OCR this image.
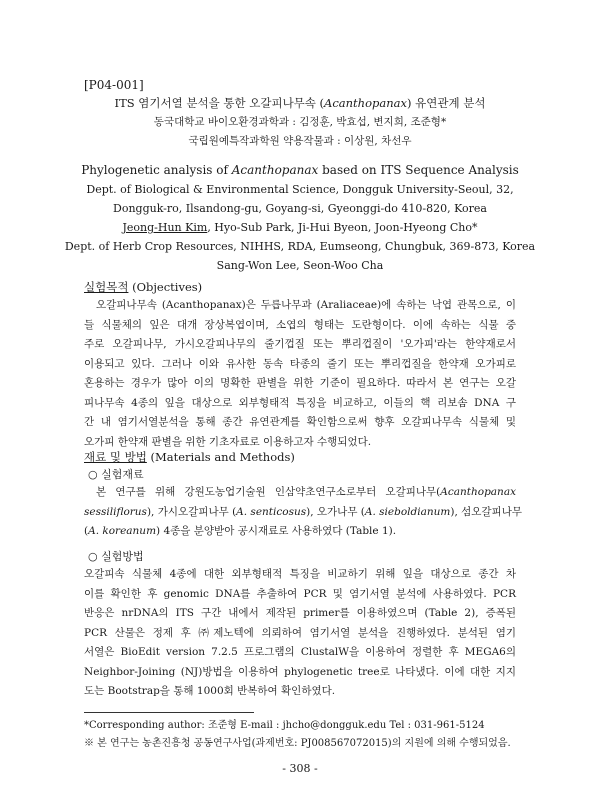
[P04-001]
ITS 염기서열 분석을 통한 오갈피나무속 (Acanthopanax) 유연관계 분석
동국대학교 바이오환경과학과 : 김정훈, 박효섭, 변지희, 조준형*
국립원예특작과학원 약용작물과 : 이상원, 차선우
Phylogenetic analysis of Acanthopanax based on ITS Sequence Analysis
Dept. of Biological & Environmental Science, Dongguk University-Seoul, 32,
Dongguk-ro, Ilsandong-gu, Goyang-si, Gyeonggi-do 410-820, Korea
Jeong-Hun Kim, Hyo-Sub Park, Ji-Hui Byeon, Joon-Hyeong Cho*
Dept. of Herb Crop Resources, NIHHS, RDA, Eumseong, Chungbuk, 369-873, Korea
Sang-Won Lee, Seon-Woo Cha
실험목적 (Objectives)
오갈피나무속 (Acanthopanax)은 두릅나무과 (Araliaceae)에 속하는 낙엽 관목으로, 이
들 식물체의 잎은 대개 장상복엽이며, 소엽의 형태는 도란형이다. 이에 속하는 식물 중
주로 오갈피나무, 가시오갈피나무의 줄기껍질 또는 뿌리껍질이 '오가피'라는 한약재로서
이용되고 있다. 그러나 이와 유사한 동속 타종의 줄기 또는 뿌리껍질을 한약재 오가피로
혼용하는 경우가 많아 이의 명확한 판별을 위한 기준이 필요하다. 따라서 본 연구는 오갈
피나무속 4종의 잎을 대상으로 외부형태적 특징을 비교하고, 이들의 핵 리보솜 DNA 구
간 내 염기서열분석을 통해 종간 유연관계를 확인함으로써 향후 오갈피나무속 식물체 및
오가피 한약재 판별을 위한 기초자료로 이용하고자 수행되었다.
재료 및 방법 (Materials and Methods)
○ 실험재료
본 연구를 위해 강원도농업기술원 인삼약초연구소로부터 오갈피나무(Acanthopanax
sessiliflorus), 가시오갈피나무 (A. senticosus), 오가나무 (A. sieboldianum), 섬오갈피나무
(A. koreanum) 4종을 분양받아 공시재료로 사용하였다 (Table 1).
○ 실험방법
오갈피속 식물체 4종에 대한 외부형태적 특징을 비교하기 위해 잎을 대상으로 종간 차
이를 확인한 후 genomic DNA를 추출하여 PCR 및 염기서열 분석에 사용하였다. PCR
반응은 nrDNA의 ITS 구간 내에서 제작된 primer를 이용하였으며 (Table 2), 증폭된
PCR 산물은 정제 후 ㈜제노텍에 의뢰하여 염기서열 분석을 진행하였다. 분석된 염기
서열은 BioEdit version 7.2.5 프로그램의 ClustalW을 이용하여 정렬한 후 MEGA6의
Neighbor-Joining (NJ)방법을 이용하여 phylogenetic tree로 나타냈다. 이에 대한 지지
도는 Bootstrap을 통해 1000회 반복하여 확인하였다.
*Corresponding author: 조준형 E-mail : jhcho@dongguk.edu Tel : 031-961-5124
※ 본 연구는 농촌진흥청 공동연구사업(과제번호: PJ008567072015)의 지원에 의해 수행되었음.
- 308 -
